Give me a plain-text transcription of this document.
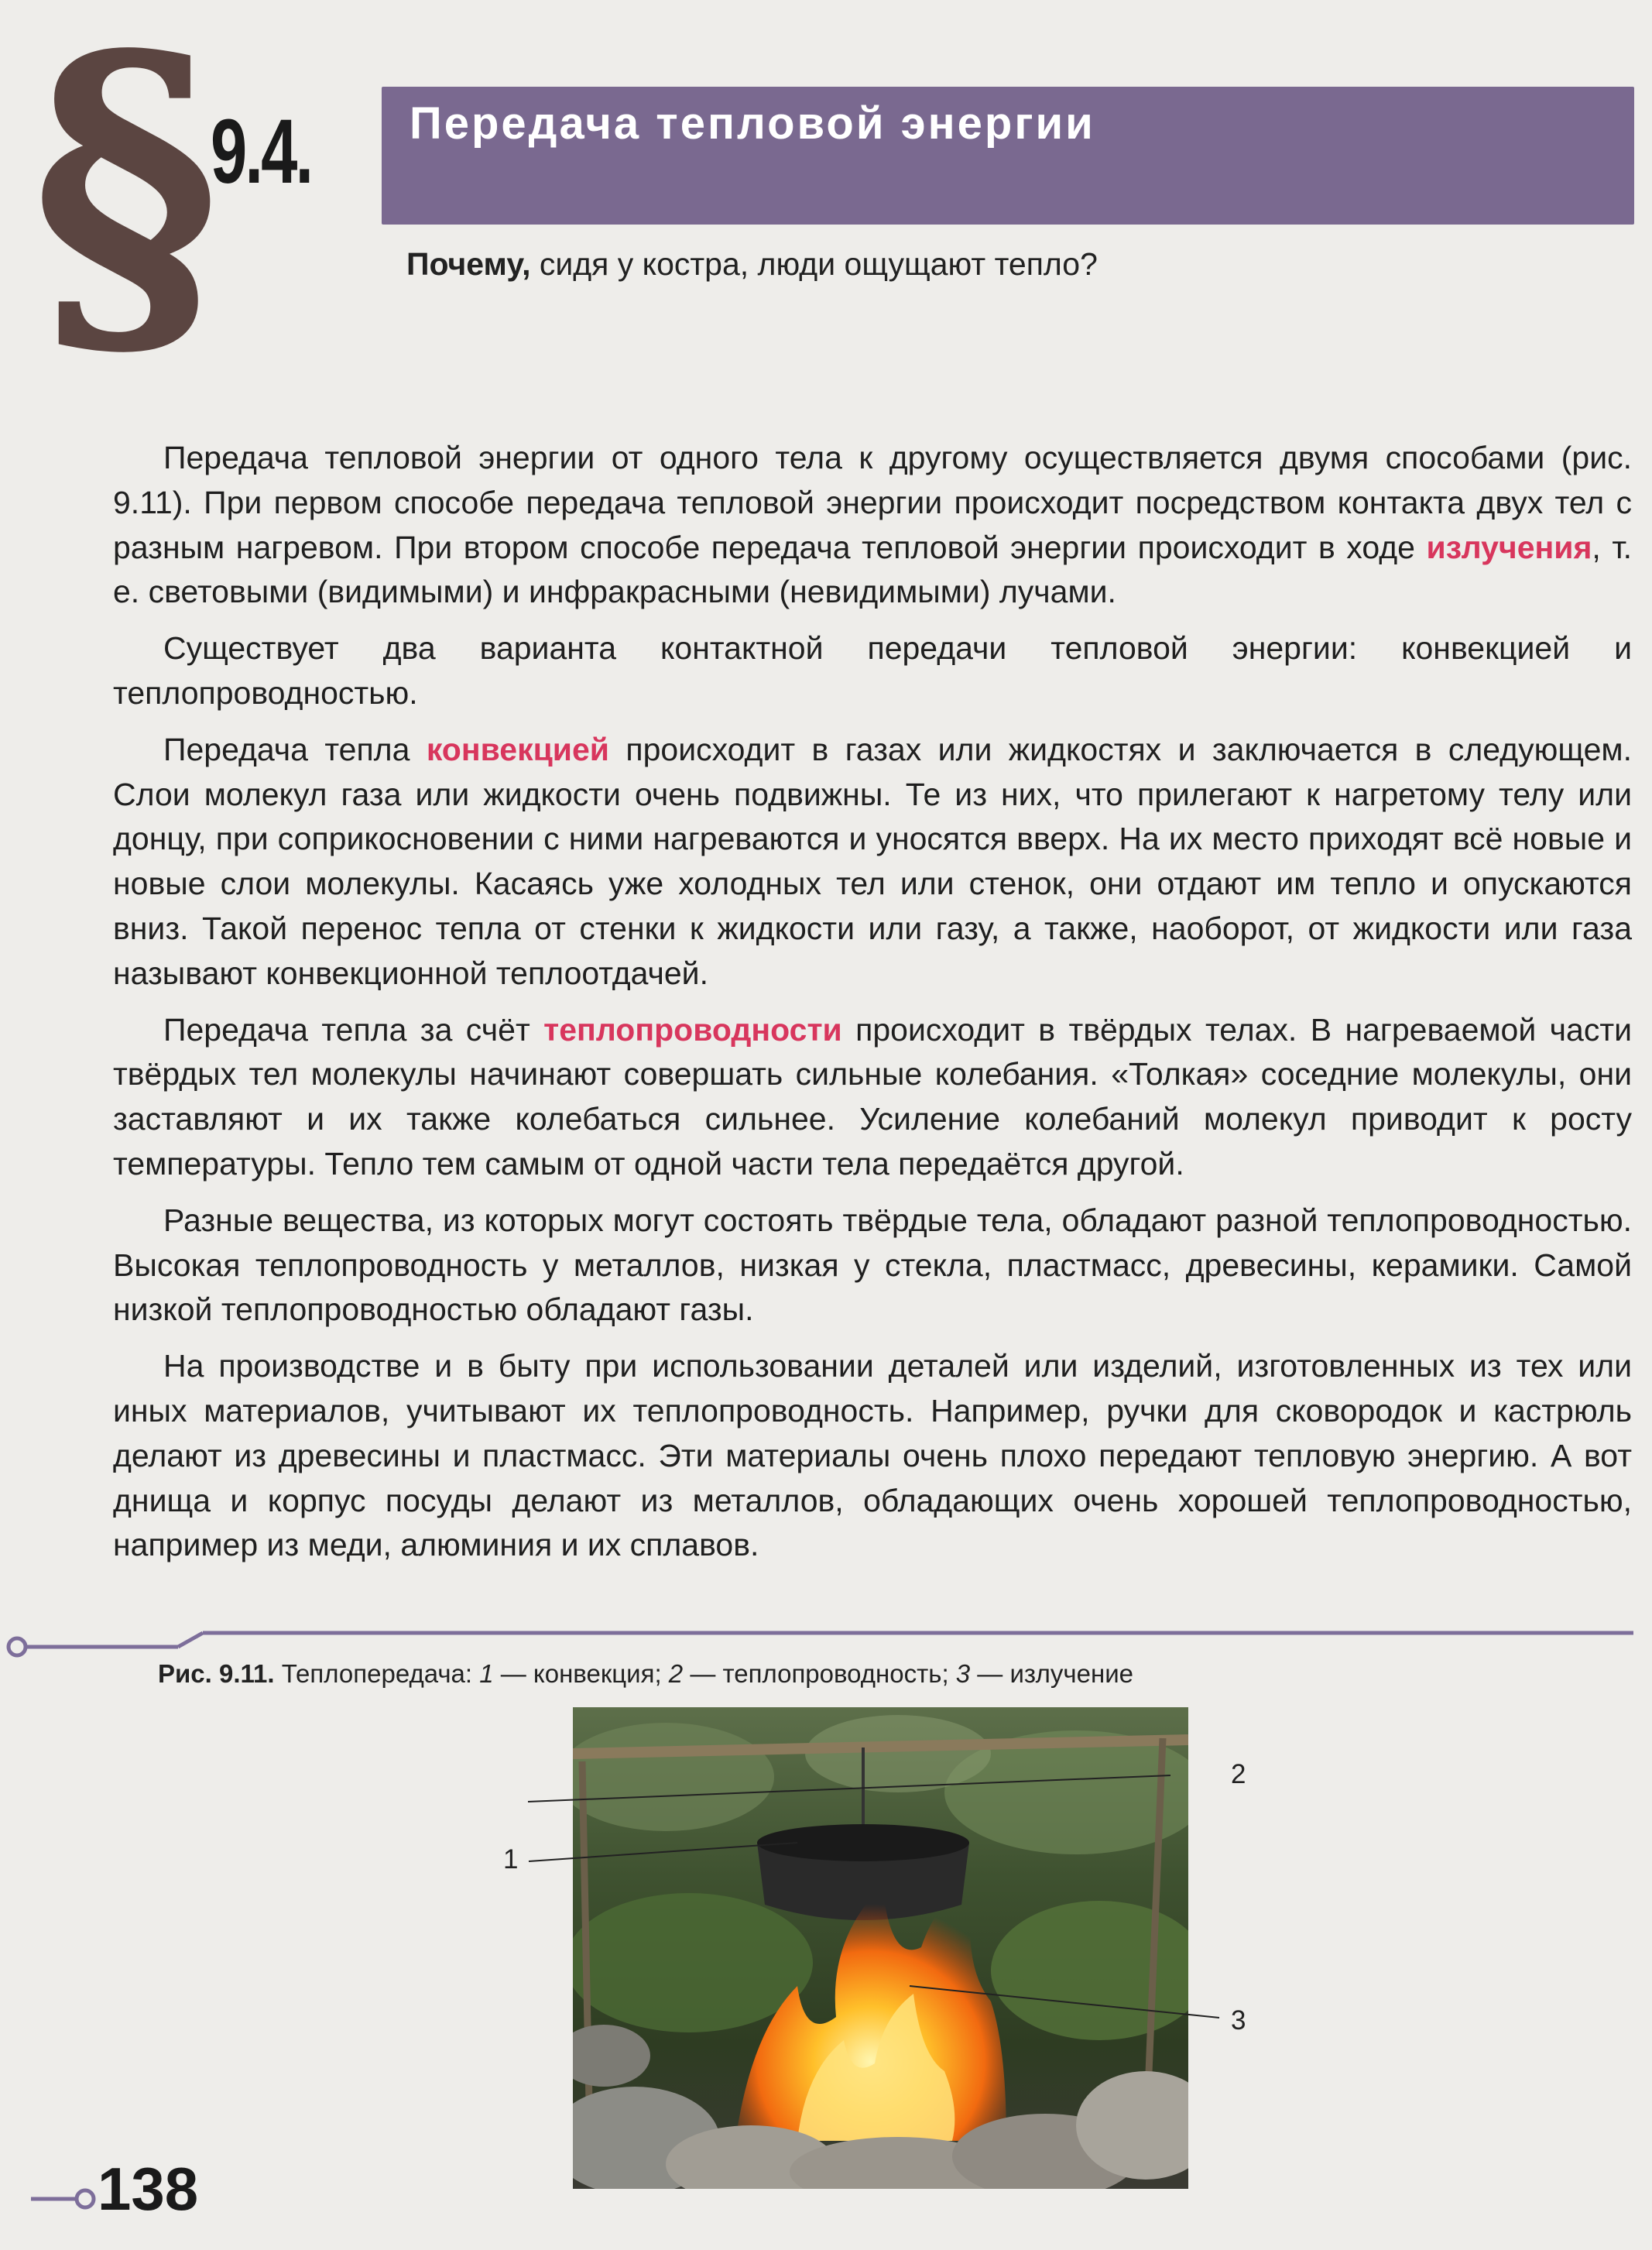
§
9.4. Передача тепловой энергии
Почему, сидя у костра, люди ощущают тепло?

Передача тепловой энергии от одного тела к другому осуществляется двумя способами (рис. 9.11). При первом способе передача тепловой энергии происходит посредством контакта двух тел с разным нагревом. При втором способе передача тепловой энергии происходит в ходе излучения, т. е. световыми (видимыми) и инфракрасными (невидимыми) лучами.

Существует два варианта контактной передачи тепловой энергии: конвекцией и теплопроводностью.

Передача тепла конвекцией происходит в газах или жидкостях и заключается в следующем. Слои молекул газа или жидкости очень подвижны. Те из них, что прилегают к нагретому телу или донцу, при соприкосновении с ними нагреваются и уносятся вверх. На их место приходят всё новые и новые слои молекулы. Касаясь уже холодных тел или стенок, они отдают им тепло и опускаются вниз. Такой перенос тепла от стенки к жидкости или газу, а также, наоборот, от жидкости или газа называют конвекционной теплоотдачей.

Передача тепла за счёт теплопроводности происходит в твёрдых телах. В нагреваемой части твёрдых тел молекулы начинают совершать сильные колебания. «Толкая» соседние молекулы, они заставляют и их также колебаться сильнее. Усиление колебаний молекул приводит к росту температуры. Тепло тем самым от одной части тела передаётся другой.

Разные вещества, из которых могут состоять твёрдые тела, обладают разной теплопроводностью. Высокая теплопроводность у металлов, низкая у стекла, пластмасс, древесины, керамики. Самой низкой теплопроводностью обладают газы.

На производстве и в быту при использовании деталей или изделий, изготовленных из тех или иных материалов, учитывают их теплопроводность. Например, ручки для сковородок и кастрюль делают из древесины и пластмасс. Эти материалы очень плохо передают тепловую энергию. А вот днища и корпус посуды делают из металлов, обладающих очень хорошей теплопроводностью, например из меди, алюминия и их сплавов.

Рис. 9.11. Теплопередача: 1 — конвекция; 2 — теплопроводность; 3 — излучение
2
1
3
138
